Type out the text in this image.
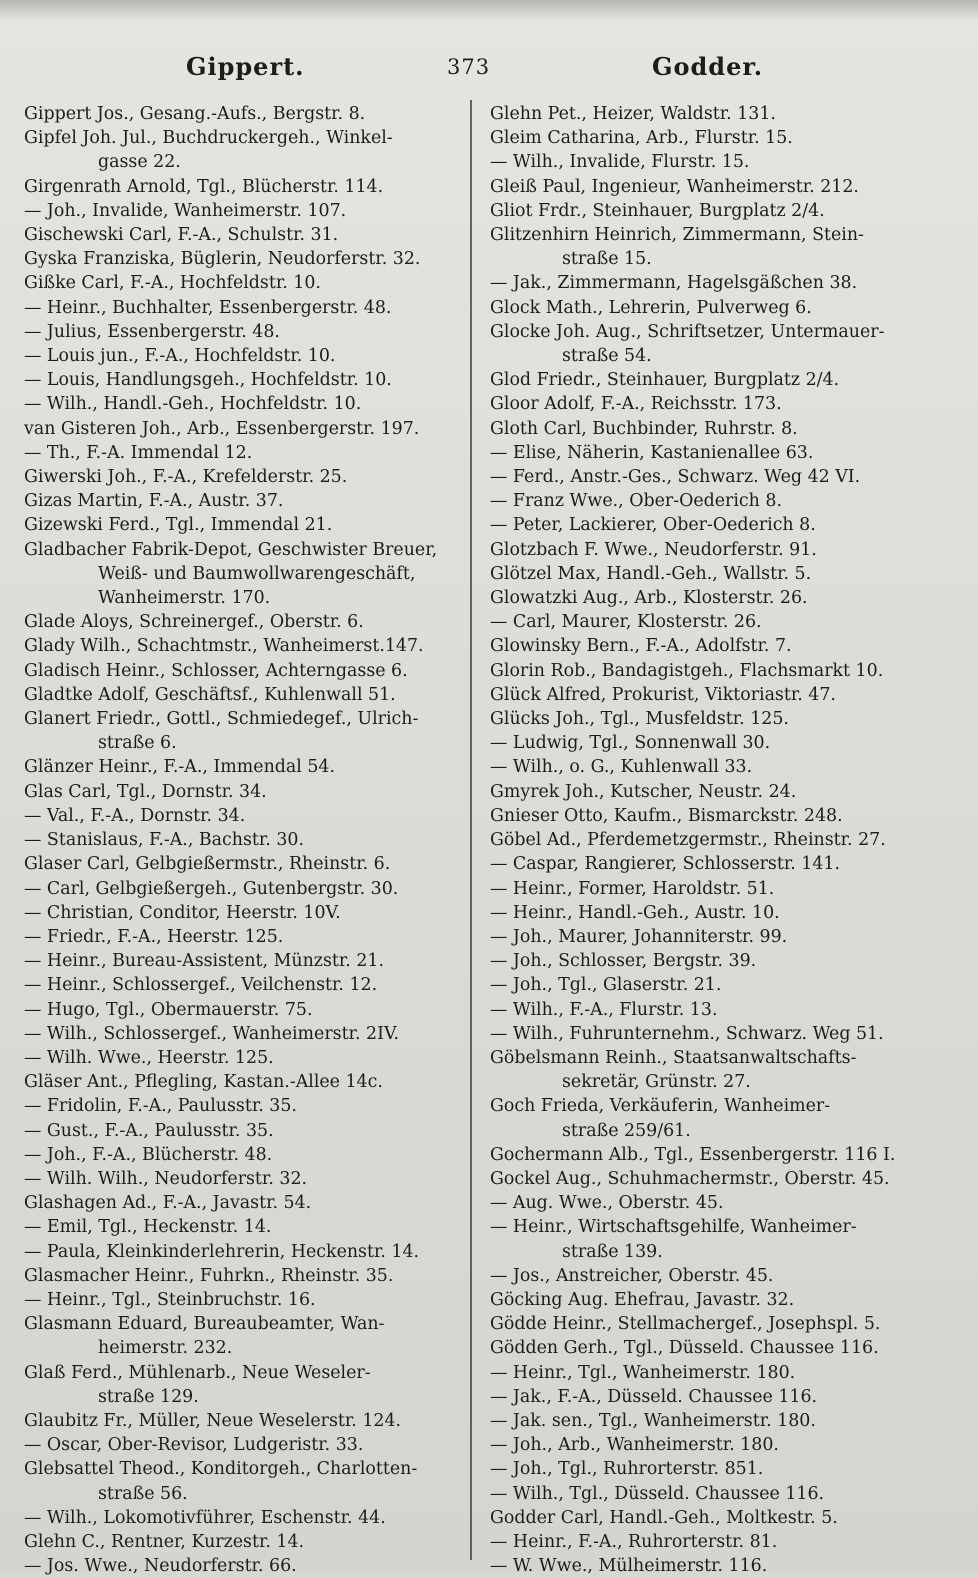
Gippert.	373	Godder.

Gippert Jos., Gesang.-Aufs., Bergstr. 8.

Gipfel Joh. Jul., Buchdruckergeh., Winkel-
gasse 22.

Girgenrath Arnold, Tgl., Blücherstr. 114.

— Joh., Invalide, Wanheimerstr. 107.

Gischewski Carl, F.-A., Schulstr. 31.

Gyska Franziska, Büglerin, Neudorferstr. 32.

Gißke Carl, F.-A., Hochfeldstr. 10.

— Heinr., Buchhalter, Essenbergerstr. 48.

— Julius, Essenbergerstr. 48.

— Louis jun., F.-A., Hochfeldstr. 10.

— Louis, Handlungsgeh., Hochfeldstr. 10.

— Wilh., Handl.-Geh., Hochfeldstr. 10.

van Gisteren Joh., Arb., Essenbergerstr. 197.

— Th., F.-A. Immendal 12.

Giwerski Joh., F.-A., Krefelderstr. 25.

Gizas Martin, F.-A., Austr. 37.

Gizewski Ferd., Tgl., Immendal 21.

Gladbacher Fabrik-Depot, Geschwister Breuer,
Weiß- und Baumwollwarengeschäft,
Wanheimerstr. 170.

Glade Aloys, Schreinergef., Oberstr. 6.

Glady Wilh., Schachtmstr., Wanheimerst.147.

Gladisch Heinr., Schlosser, Achterngasse 6.

Gladtke Adolf, Geschäftsf., Kuhlenwall 51.

Glanert Friedr., Gottl., Schmiedegef., Ulrich-
straße 6.

Glänzer Heinr., F.-A., Immendal 54.

Glas Carl, Tgl., Dornstr. 34.

— Val., F.-A., Dornstr. 34.

— Stanislaus, F.-A., Bachstr. 30.

Glaser Carl, Gelbgießermstr., Rheinstr. 6.

— Carl, Gelbgießergeh., Gutenbergstr. 30.

— Christian, Conditor, Heerstr. 10V.

— Friedr., F.-A., Heerstr. 125.

— Heinr., Bureau-Assistent, Münzstr. 21.

— Heinr., Schlossergef., Veilchenstr. 12.

— Hugo, Tgl., Obermauerstr. 75.

— Wilh., Schlossergef., Wanheimerstr. 2IV.

— Wilh. Wwe., Heerstr. 125.

Gläser Ant., Pflegling, Kastan.-Allee 14c.

— Fridolin, F.-A., Paulusstr. 35.

— Gust., F.-A., Paulusstr. 35.

— Joh., F.-A., Blücherstr. 48.

— Wilh. Wilh., Neudorferstr. 32.

Glashagen Ad., F.-A., Javastr. 54.

— Emil, Tgl., Heckenstr. 14.

— Paula, Kleinkinderlehrerin, Heckenstr. 14.

Glasmacher Heinr., Fuhrkn., Rheinstr. 35.

— Heinr., Tgl., Steinbruchstr. 16.

Glasmann Eduard, Bureaubeamter, Wan-
heimerstr. 232.

Glaß Ferd., Mühlenarb., Neue Weseler-
straße 129.

Glaubitz Fr., Müller, Neue Weselerstr. 124.

— Oscar, Ober-Revisor, Ludgeristr. 33.

Glebsattel Theod., Konditorgeh., Charlotten-
straße 56.

— Wilh., Lokomotivführer, Eschenstr. 44.

Glehn C., Rentner, Kurzestr. 14.

— Jos. Wwe., Neudorferstr. 66.

Glehn Pet., Heizer, Waldstr. 131.

Gleim Catharina, Arb., Flurstr. 15.

— Wilh., Invalide, Flurstr. 15.

Gleiß Paul, Ingenieur, Wanheimerstr. 212.

Gliot Frdr., Steinhauer, Burgplatz 2/4.

Glitzenhirn Heinrich, Zimmermann, Stein-
straße 15.

— Jak., Zimmermann, Hagelsgäßchen 38.

Glock Math., Lehrerin, Pulverweg 6.

Glocke Joh. Aug., Schriftsetzer, Untermauer-
straße 54.

Glod Friedr., Steinhauer, Burgplatz 2/4.

Gloor Adolf, F.-A., Reichsstr. 173.

Gloth Carl, Buchbinder, Ruhrstr. 8.

— Elise, Näherin, Kastanienallee 63.

— Ferd., Anstr.-Ges., Schwarz. Weg 42 VI.

— Franz Wwe., Ober-Oederich 8.

— Peter, Lackierer, Ober-Oederich 8.

Glotzbach F. Wwe., Neudorferstr. 91.

Glötzel Max, Handl.-Geh., Wallstr. 5.

Glowatzki Aug., Arb., Klosterstr. 26.

— Carl, Maurer, Klosterstr. 26.

Glowinsky Bern., F.-A., Adolfstr. 7.

Glorin Rob., Bandagistgeh., Flachsmarkt 10.

Glück Alfred, Prokurist, Viktoriastr. 47.

Glücks Joh., Tgl., Musfeldstr. 125.

— Ludwig, Tgl., Sonnenwall 30.

— Wilh., o. G., Kuhlenwall 33.

Gmyrek Joh., Kutscher, Neustr. 24.

Gnieser Otto, Kaufm., Bismarckstr. 248.

Göbel Ad., Pferdemetzgermstr., Rheinstr. 27.

— Caspar, Rangierer, Schlosserstr. 141.

— Heinr., Former, Haroldstr. 51.

— Heinr., Handl.-Geh., Austr. 10.

— Joh., Maurer, Johanniterstr. 99.

— Joh., Schlosser, Bergstr. 39.

— Joh., Tgl., Glaserstr. 21.

— Wilh., F.-A., Flurstr. 13.

— Wilh., Fuhrunternehm., Schwarz. Weg 51.

Göbelsmann Reinh., Staatsanwaltschafts-
sekretär, Grünstr. 27.

Goch Frieda, Verkäuferin, Wanheimer-
straße 259/61.

Gochermann Alb., Tgl., Essenbergerstr. 116 I.

Gockel Aug., Schuhmachermstr., Oberstr. 45.

— Aug. Wwe., Oberstr. 45.

— Heinr., Wirtschaftsgehilfe, Wanheimer-
straße 139.

— Jos., Anstreicher, Oberstr. 45.

Göcking Aug. Ehefrau, Javastr. 32.

Gödde Heinr., Stellmachergef., Josephspl. 5.

Gödden Gerh., Tgl., Düsseld. Chaussee 116.

— Heinr., Tgl., Wanheimerstr. 180.

— Jak., F.-A., Düsseld. Chaussee 116.

— Jak. sen., Tgl., Wanheimerstr. 180.

— Joh., Arb., Wanheimerstr. 180.

— Joh., Tgl., Ruhrorterstr. 851.

— Wilh., Tgl., Düsseld. Chaussee 116.

Godder Carl, Handl.-Geh., Moltkestr. 5.

— Heinr., F.-A., Ruhrorterstr. 81.

— W. Wwe., Mülheimerstr. 116.
